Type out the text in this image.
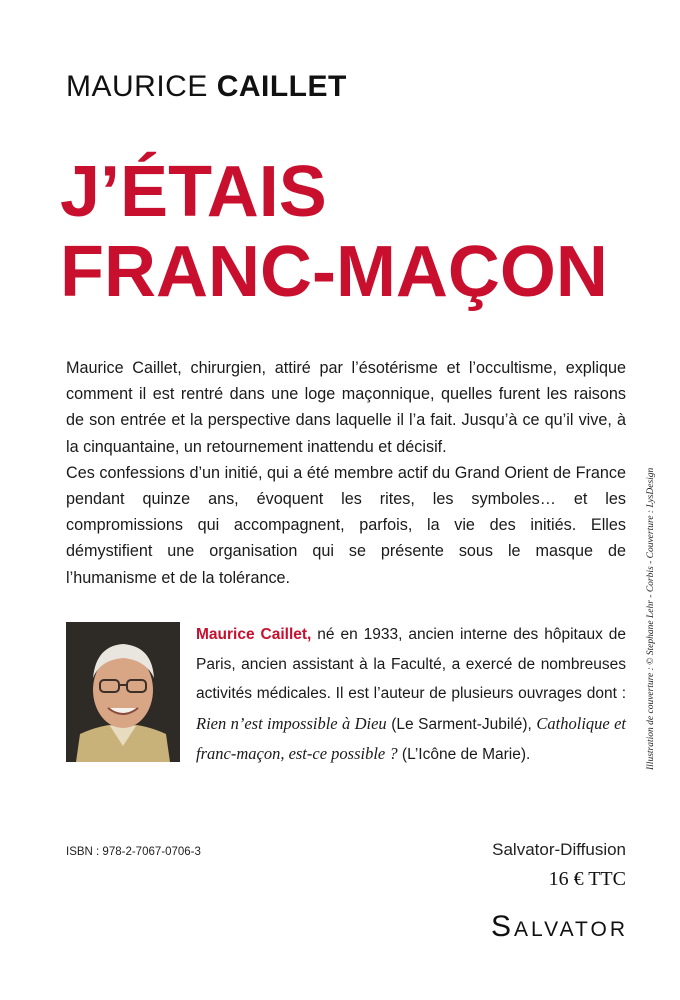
MAURICE CAILLET
J’ÉTAIS
FRANC-MAÇON

Maurice Caillet, chirurgien, attiré par l’ésotérisme et l’occultisme, explique comment il est rentré dans une loge maçonnique, quelles furent les raisons de son entrée et la perspective dans laquelle il l’a fait. Jusqu’à ce qu’il vive, à la cinquantaine, un retournement inattendu et décisif.

Ces confessions d’un initié, qui a été membre actif du Grand Orient de France pendant quinze ans, évoquent les rites, les symboles… et les compromissions qui accompagnent, parfois, la vie des initiés. Elles démystifient une organisation qui se présente sous le masque de l’humanisme et de la tolérance.

Maurice Caillet, né en 1933, ancien interne des hôpitaux de Paris, ancien assistant à la Faculté, a exercé de nombreuses activités médicales. Il est l’auteur de plusieurs ouvrages dont : Rien n’est impossible à Dieu (Le Sarment-Jubilé), Catholique et franc-maçon, est-ce possible ? (L’Icône de Marie).	Illustration de couverture : © Stephane Lehr - Corbis - Couverture : LysDesign
ISBN : 978-2-7067-0706-3	Salvator-Diffusion
16 € TTC
Salvator
